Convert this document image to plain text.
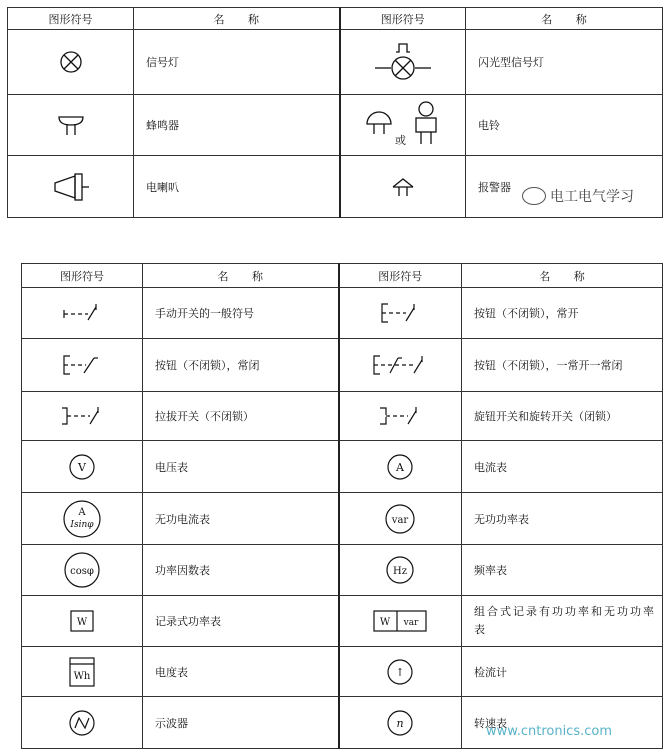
图形符号	名 称	图形符号	名 称

	信号灯		闪光型信号灯

	蜂鸣器	或	电铃

	电喇叭		报警器
电工电气学习
图形符号	名 称	图形符号	名 称

	手动开关的一般符号		按钮（不闭锁），常开

	按钮（不闭锁），常闭		按钮（不闭锁），一常开一常闭

	拉拔开关（不闭锁）		旋钮开关和旋转开关（闭锁）

V	电压表	A	电流表

A
Isinφ	无功电流表	var	无功功率表

cosφ	功率因数表	Hz	频率表

W	记录式功率表	W var	组合式记录有功功率和无功功率表

Wh	电度表	↑	检流计

	示波器	n	转速表
www.cntronics.com
